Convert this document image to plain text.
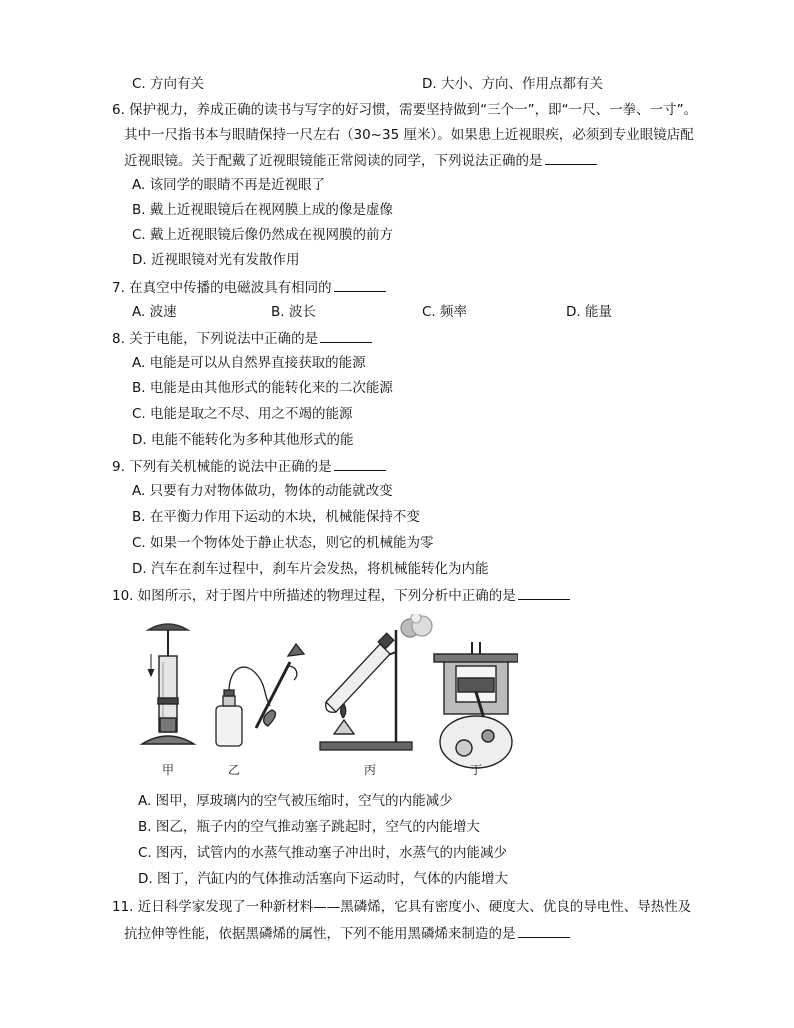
C. 方向有关	D. 大小、方向、作用点都有关
6. 保护视力，养成正确的读书与写字的好习惯，需要坚持做到“三个一”，即“一尺、一拳、一寸”。
其中一尺指书本与眼睛保持一尺左右（30~35 厘米）。如果患上近视眼疾，必须到专业眼镜店配
近视眼镜。关于配戴了近视眼镜能正常阅读的同学，下列说法正确的是
A. 该同学的眼睛不再是近视眼了
B. 戴上近视眼镜后在视网膜上成的像是虚像
C. 戴上近视眼镜后像仍然成在视网膜的前方
D. 近视眼镜对光有发散作用
7. 在真空中传播的电磁波具有相同的
A. 波速	B. 波长	C. 频率	D. 能量
8. 关于电能，下列说法中正确的是
A. 电能是可以从自然界直接获取的能源
B. 电能是由其他形式的能转化来的二次能源
C. 电能是取之不尽、用之不竭的能源
D. 电能不能转化为多种其他形式的能
9. 下列有关机械能的说法中正确的是
A. 只要有力对物体做功，物体的动能就改变
B. 在平衡力作用下运动的木块，机械能保持不变
C. 如果一个物体处于静止状态，则它的机械能为零
D. 汽车在刹车过程中，刹车片会发热，将机械能转化为内能
10. 如图所示，对于图片中所描述的物理过程，下列分析中正确的是
甲	乙	丙	丁
A. 图甲，厚玻璃内的空气被压缩时，空气的内能减少
B. 图乙，瓶子内的空气推动塞子跳起时，空气的内能增大
C. 图丙，试管内的水蒸气推动塞子冲出时，水蒸气的内能减少
D. 图丁，汽缸内的气体推动活塞向下运动时，气体的内能增大
11. 近日科学家发现了一种新材料——黑磷烯，它具有密度小、硬度大、优良的导电性、导热性及
抗拉伸等性能，依据黑磷烯的属性，下列不能用黑磷烯来制造的是
